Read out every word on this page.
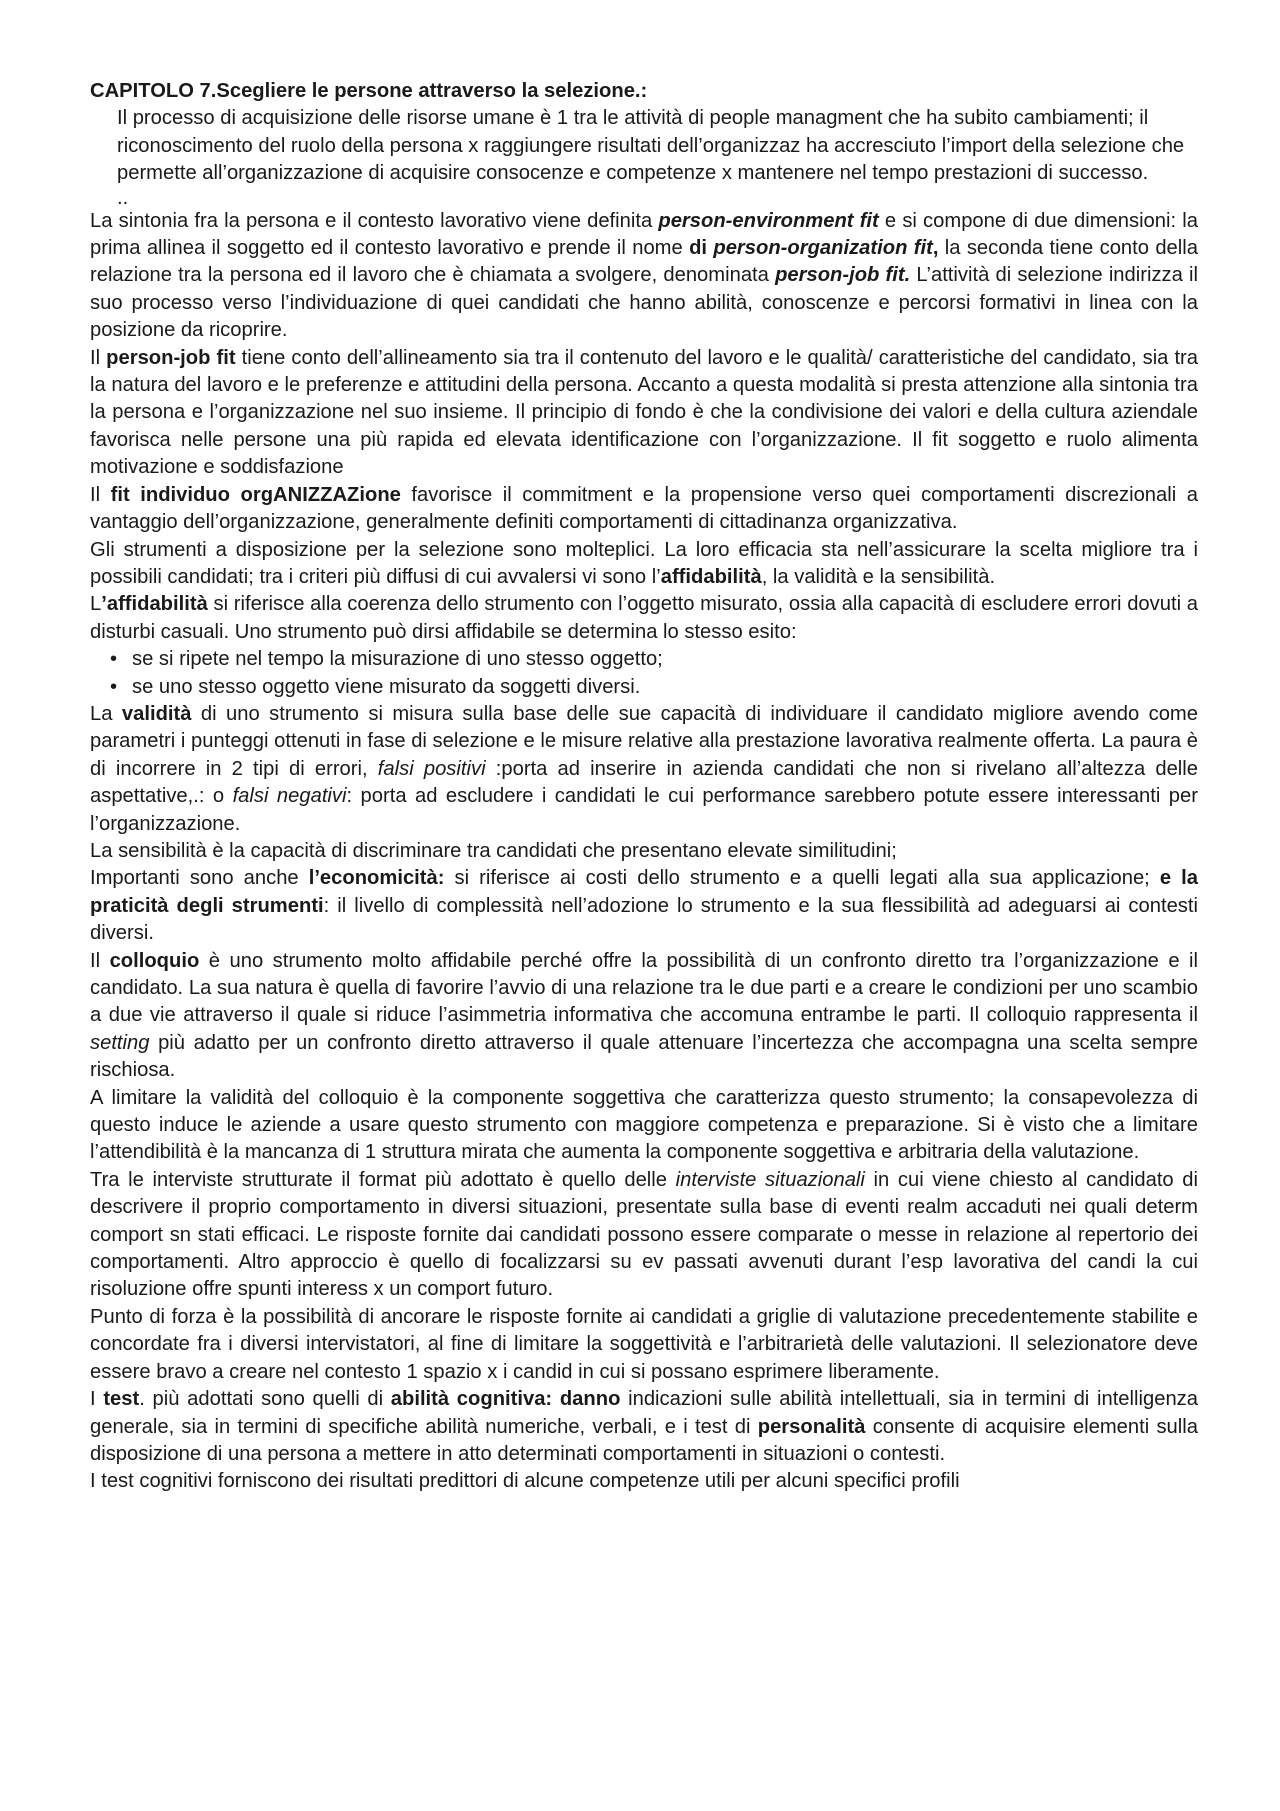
CAPITOLO 7.Scegliere le persone attraverso la selezione.:

Il processo di acquisizione delle risorse umane è 1 tra le attività di people managment che ha subito cambiamenti; il riconoscimento del ruolo della persona x raggiungere risultati dell’organizzaz ha accresciuto l’import della selezione che permette all’organizzazione di acquisire consocenze e competenze x mantenere nel tempo prestazioni di successo.

..

La sintonia fra la persona e il contesto lavorativo viene definita person-environment fit e si compone di due dimensioni: la prima allinea il soggetto ed il contesto lavorativo e prende il nome di person-organization fit, la seconda tiene conto della relazione tra la persona ed il lavoro che è chiamata a svolgere, denominata person-job fit. L’attività di selezione indirizza il suo processo verso l’individuazione di quei candidati che hanno abilità, conoscenze e percorsi formativi in linea con la posizione da ricoprire.

Il person-job fit tiene conto dell’allineamento sia tra il contenuto del lavoro e le qualità/ caratteristiche del candidato, sia tra la natura del lavoro e le preferenze e attitudini della persona. Accanto a questa modalità si presta attenzione alla sintonia tra la persona e l’organizzazione nel suo insieme. Il principio di fondo è che la condivisione dei valori e della cultura aziendale favorisca nelle persone una più rapida ed elevata identificazione con l’organizzazione. Il fit soggetto e ruolo alimenta motivazione e soddisfazione

Il fit individuo orgANIZZAZione favorisce il commitment e la propensione verso quei comportamenti discrezionali a vantaggio dell’organizzazione, generalmente definiti comportamenti di cittadinanza organizzativa.

Gli strumenti a disposizione per la selezione sono molteplici. La loro efficacia sta nell’assicurare la scelta migliore tra i possibili candidati; tra i criteri più diffusi di cui avvalersi vi sono l’affidabilità, la validità e la sensibilità.

L’affidabilità si riferisce alla coerenza dello strumento con l’oggetto misurato, ossia alla capacità di escludere errori dovuti a disturbi casuali. Uno strumento può dirsi affidabile se determina lo stesso esito:

• se si ripete nel tempo la misurazione di uno stesso oggetto;
• se uno stesso oggetto viene misurato da soggetti diversi.

La validità di uno strumento si misura sulla base delle sue capacità di individuare il candidato migliore avendo come parametri i punteggi ottenuti in fase di selezione e le misure relative alla prestazione lavorativa realmente offerta. La paura è di incorrere in 2 tipi di errori, falsi positivi :porta ad inserire in azienda candidati che non si rivelano all’altezza delle aspettative,.: o falsi negativi: porta ad escludere i candidati le cui performance sarebbero potute essere interessanti per l’organizzazione.

La sensibilità è la capacità di discriminare tra candidati che presentano elevate similitudini;

Importanti sono anche l’economicità: si riferisce ai costi dello strumento e a quelli legati alla sua applicazione; e la praticità degli strumenti: il livello di complessità nell’adozione lo strumento e la sua flessibilità ad adeguarsi ai contesti diversi.

Il colloquio è uno strumento molto affidabile perché offre la possibilità di un confronto diretto tra l’organizzazione e il candidato. La sua natura è quella di favorire l’avvio di una relazione tra le due parti e a creare le condizioni per uno scambio a due vie attraverso il quale si riduce l’asimmetria informativa che accomuna entrambe le parti. Il colloquio rappresenta il setting più adatto per un confronto diretto attraverso il quale attenuare l’incertezza che accompagna una scelta sempre rischiosa.

A limitare la validità del colloquio è la componente soggettiva che caratterizza questo strumento; la consapevolezza di questo induce le aziende a usare questo strumento con maggiore competenza e preparazione. Si è visto che a limitare l’attendibilità è la mancanza di 1 struttura mirata che aumenta la componente soggettiva e arbitraria della valutazione.

Tra le interviste strutturate il format più adottato è quello delle interviste situazionali in cui viene chiesto al candidato di descrivere il proprio comportamento in diversi situazioni, presentate sulla base di eventi realm accaduti nei quali determ comport sn stati efficaci. Le risposte fornite dai candidati possono essere comparate o messe in relazione al repertorio dei comportamenti. Altro approccio è quello di focalizzarsi su ev passati avvenuti durant l’esp lavorativa del candi la cui risoluzione offre spunti interess x un comport futuro.

Punto di forza è la possibilità di ancorare le risposte fornite ai candidati a griglie di valutazione precedentemente stabilite e concordate fra i diversi intervistatori, al fine di limitare la soggettività e l’arbitrarietà delle valutazioni. Il selezionatore deve essere bravo a creare nel contesto 1 spazio x i candid in cui si possano esprimere liberamente.

I test. più adottati sono quelli di abilità cognitiva: danno indicazioni sulle abilità intellettuali, sia in termini di intelligenza generale, sia in termini di specifiche abilità numeriche, verbali, e i test di personalità consente di acquisire elementi sulla disposizione di una persona a mettere in atto determinati comportamenti in situazioni o contesti.

I test cognitivi forniscono dei risultati predittori di alcune competenze utili per alcuni specifici profili
